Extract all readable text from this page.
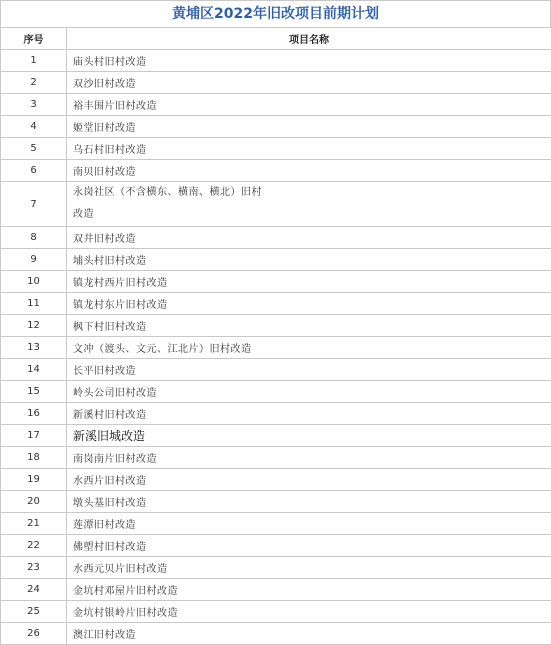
黄埔区2022年旧改项目前期计划
序号	项目名称
1	庙头村旧村改造
2	双沙旧村改造
3	裕丰围片旧村改造
4	姬堂旧村改造
5	乌石村旧村改造
6	南贝旧村改造
7	永岗社区（不含横东、横南、横北）旧村改造
8	双井旧村改造
9	埔头村旧村改造
10	镇龙村西片旧村改造
11	镇龙村东片旧村改造
12	枫下村旧村改造
13	文冲（渡头、文元、江北片）旧村改造
14	长平旧村改造
15	岭头公司旧村改造
16	新溪村旧村改造
17	新溪旧城改造
18	南岗南片旧村改造
19	水西片旧村改造
20	墩头基旧村改造
21	莲潭旧村改造
22	佛塱村旧村改造
23	水西元贝片旧村改造
24	金坑村邓屋片旧村改造
25	金坑村银岭片旧村改造
26	澳江旧村改造
